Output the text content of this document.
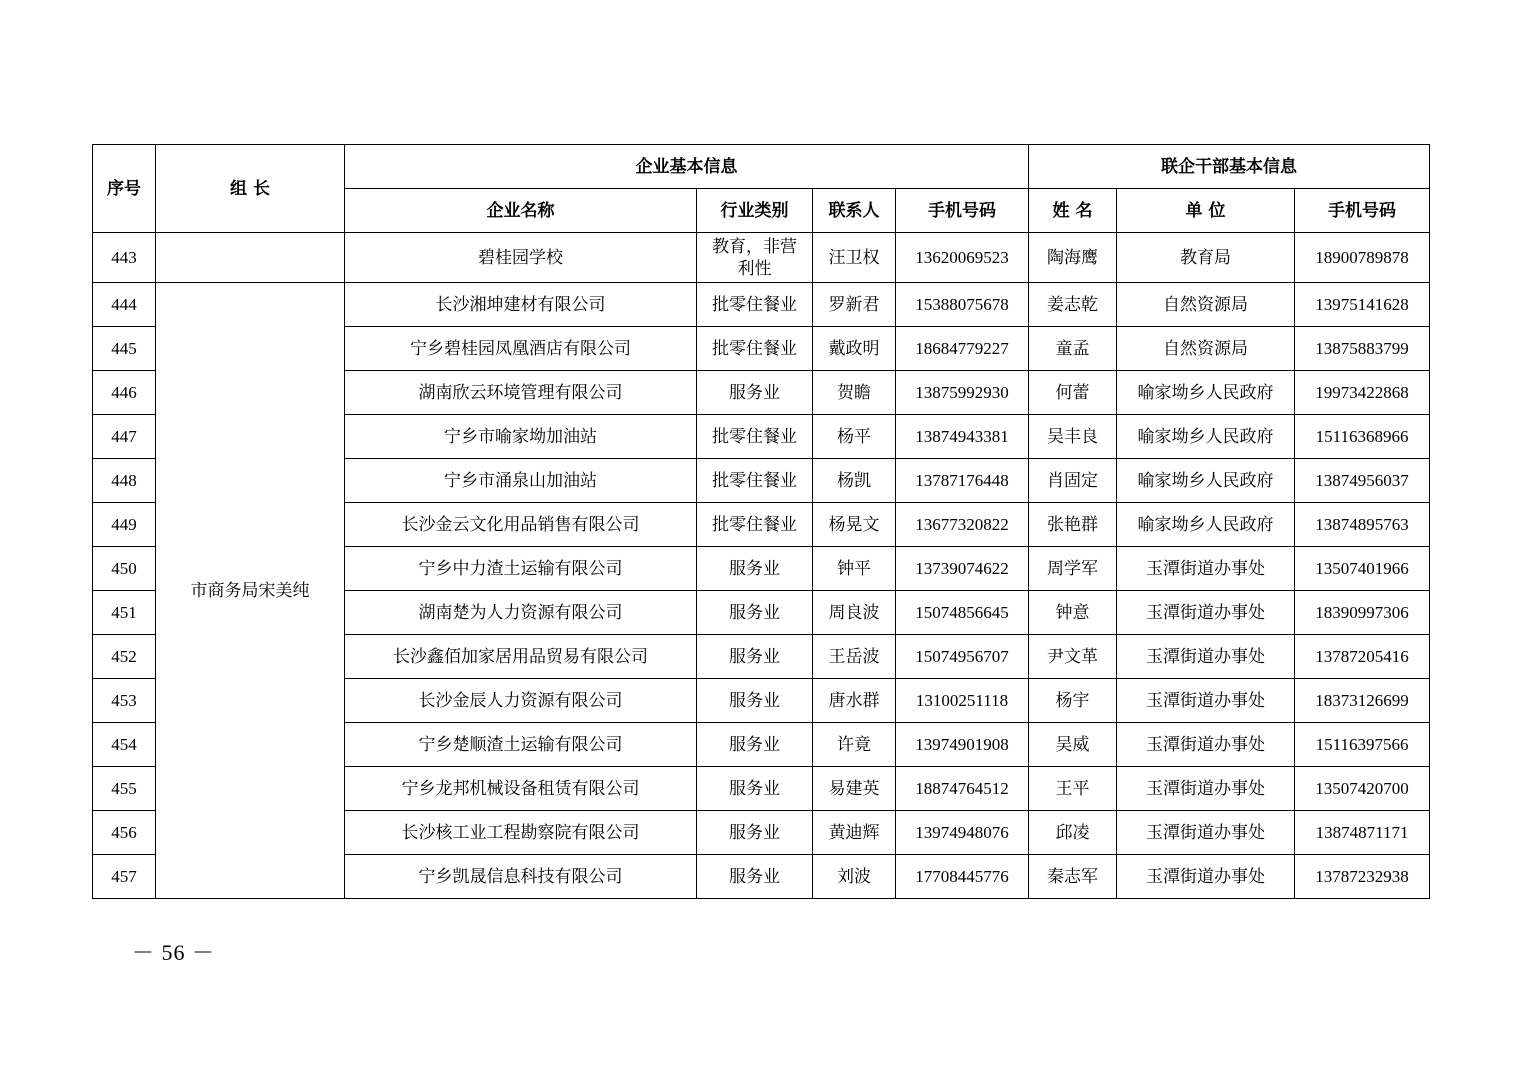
序号	组 长	企业基本信息				联企干部基本信息		
		企业名称	行业类别	联系人	手机号码	姓 名	单 位	手机号码
443		碧桂园学校	教育，非营利性	汪卫权	13620069523	陶海鹰	教育局	18900789878
444	市商务局宋美纯	长沙湘坤建材有限公司	批零住餐业	罗新君	15388075678	姜志乾	自然资源局	13975141628
445		宁乡碧桂园凤凰酒店有限公司	批零住餐业	戴政明	18684779227	童孟	自然资源局	13875883799
446		湖南欣云环境管理有限公司	服务业	贺瞻	13875992930	何蕾	喻家坳乡人民政府	19973422868
447		宁乡市喻家坳加油站	批零住餐业	杨平	13874943381	吴丰良	喻家坳乡人民政府	15116368966
448		宁乡市涌泉山加油站	批零住餐业	杨凯	13787176448	肖固定	喻家坳乡人民政府	13874956037
449		长沙金云文化用品销售有限公司	批零住餐业	杨晃文	13677320822	张艳群	喻家坳乡人民政府	13874895763
450		宁乡中力渣土运输有限公司	服务业	钟平	13739074622	周学军	玉潭街道办事处	13507401966
451		湖南楚为人力资源有限公司	服务业	周良波	15074856645	钟意	玉潭街道办事处	18390997306
452		长沙鑫佰加家居用品贸易有限公司	服务业	王岳波	15074956707	尹文革	玉潭街道办事处	13787205416
453		长沙金辰人力资源有限公司	服务业	唐水群	13100251118	杨宇	玉潭街道办事处	18373126699
454		宁乡楚顺渣土运输有限公司	服务业	许竟	13974901908	吴威	玉潭街道办事处	15116397566
455		宁乡龙邦机械设备租赁有限公司	服务业	易建英	18874764512	王平	玉潭街道办事处	13507420700
456		长沙核工业工程勘察院有限公司	服务业	黄迪辉	13974948076	邱凌	玉潭街道办事处	13874871171
457		宁乡凯晟信息科技有限公司	服务业	刘波	17708445776	秦志军	玉潭街道办事处	13787232938
－ 56 －
